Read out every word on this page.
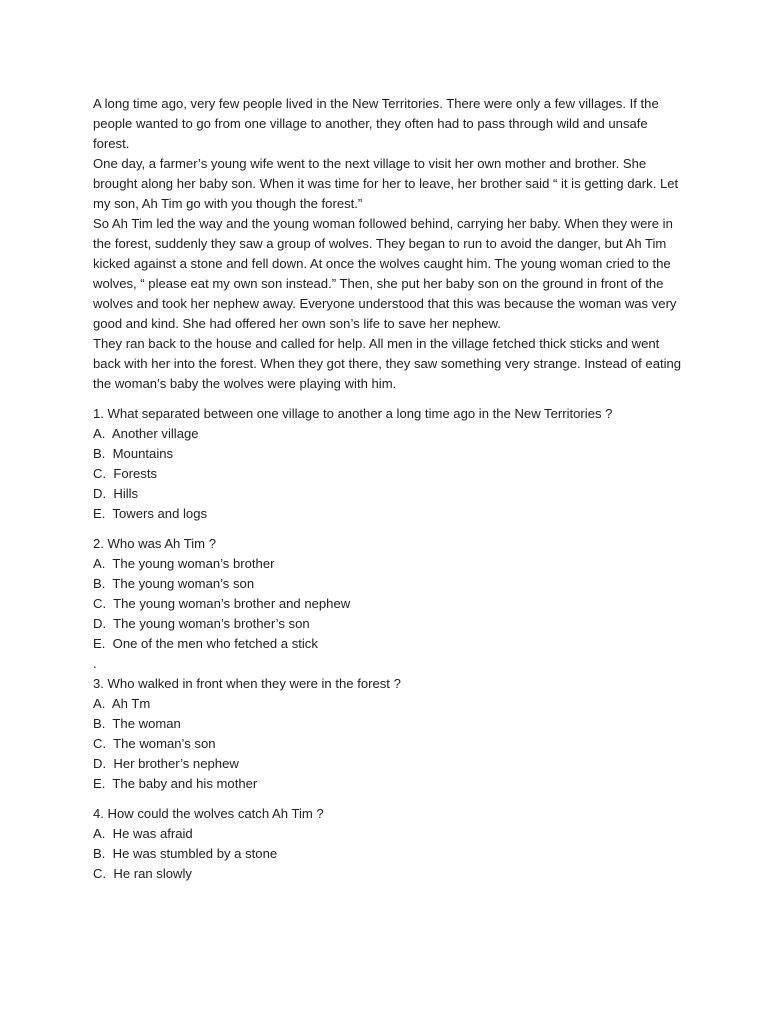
A long time ago, very few people lived in the New Territories. There were only a few villages. If the people wanted to go from one village to another, they often had to pass through wild and unsafe forest.

One day, a farmer’s young wife went to the next village to visit her own mother and brother. She brought along her baby son. When it was time for her to leave, her brother said “ it is getting dark. Let my son, Ah Tim go with you though the forest.”

So Ah Tim led the way and the young woman followed behind, carrying her baby. When they were in the forest, suddenly they saw a group of wolves. They began to run to avoid the danger, but Ah Tim kicked against a stone and fell down. At once the wolves caught him. The young woman cried to the wolves, “ please eat my own son instead.” Then, she put her baby son on the ground in front of the wolves and took her nephew away. Everyone understood that this was because the woman was very good and kind. She had offered her own son’s life to save her nephew.

They ran back to the house and called for help. All men in the village fetched thick sticks and went back with her into the forest. When they got there, they saw something very strange. Instead of eating the woman’s baby the wolves were playing with him.

1. What separated between one village to another a long time ago in the New Territories ?

A.  Another village

B.  Mountains

C.  Forests

D.  Hills

E.  Towers and logs

2. Who was Ah Tim ?

A.  The young woman’s brother

B.  The young woman’s son

C.  The young woman’s brother and nephew

D.  The young woman’s brother’s son

E.  One of the men who fetched a stick

.

3. Who walked in front when they were in the forest ?

A.  Ah Tm

B.  The woman

C.  The woman’s son

D.  Her brother’s nephew

E.  The baby and his mother

4. How could the wolves catch Ah Tim ?

A.  He was afraid

B.  He was stumbled by a stone

C.  He ran slowly
